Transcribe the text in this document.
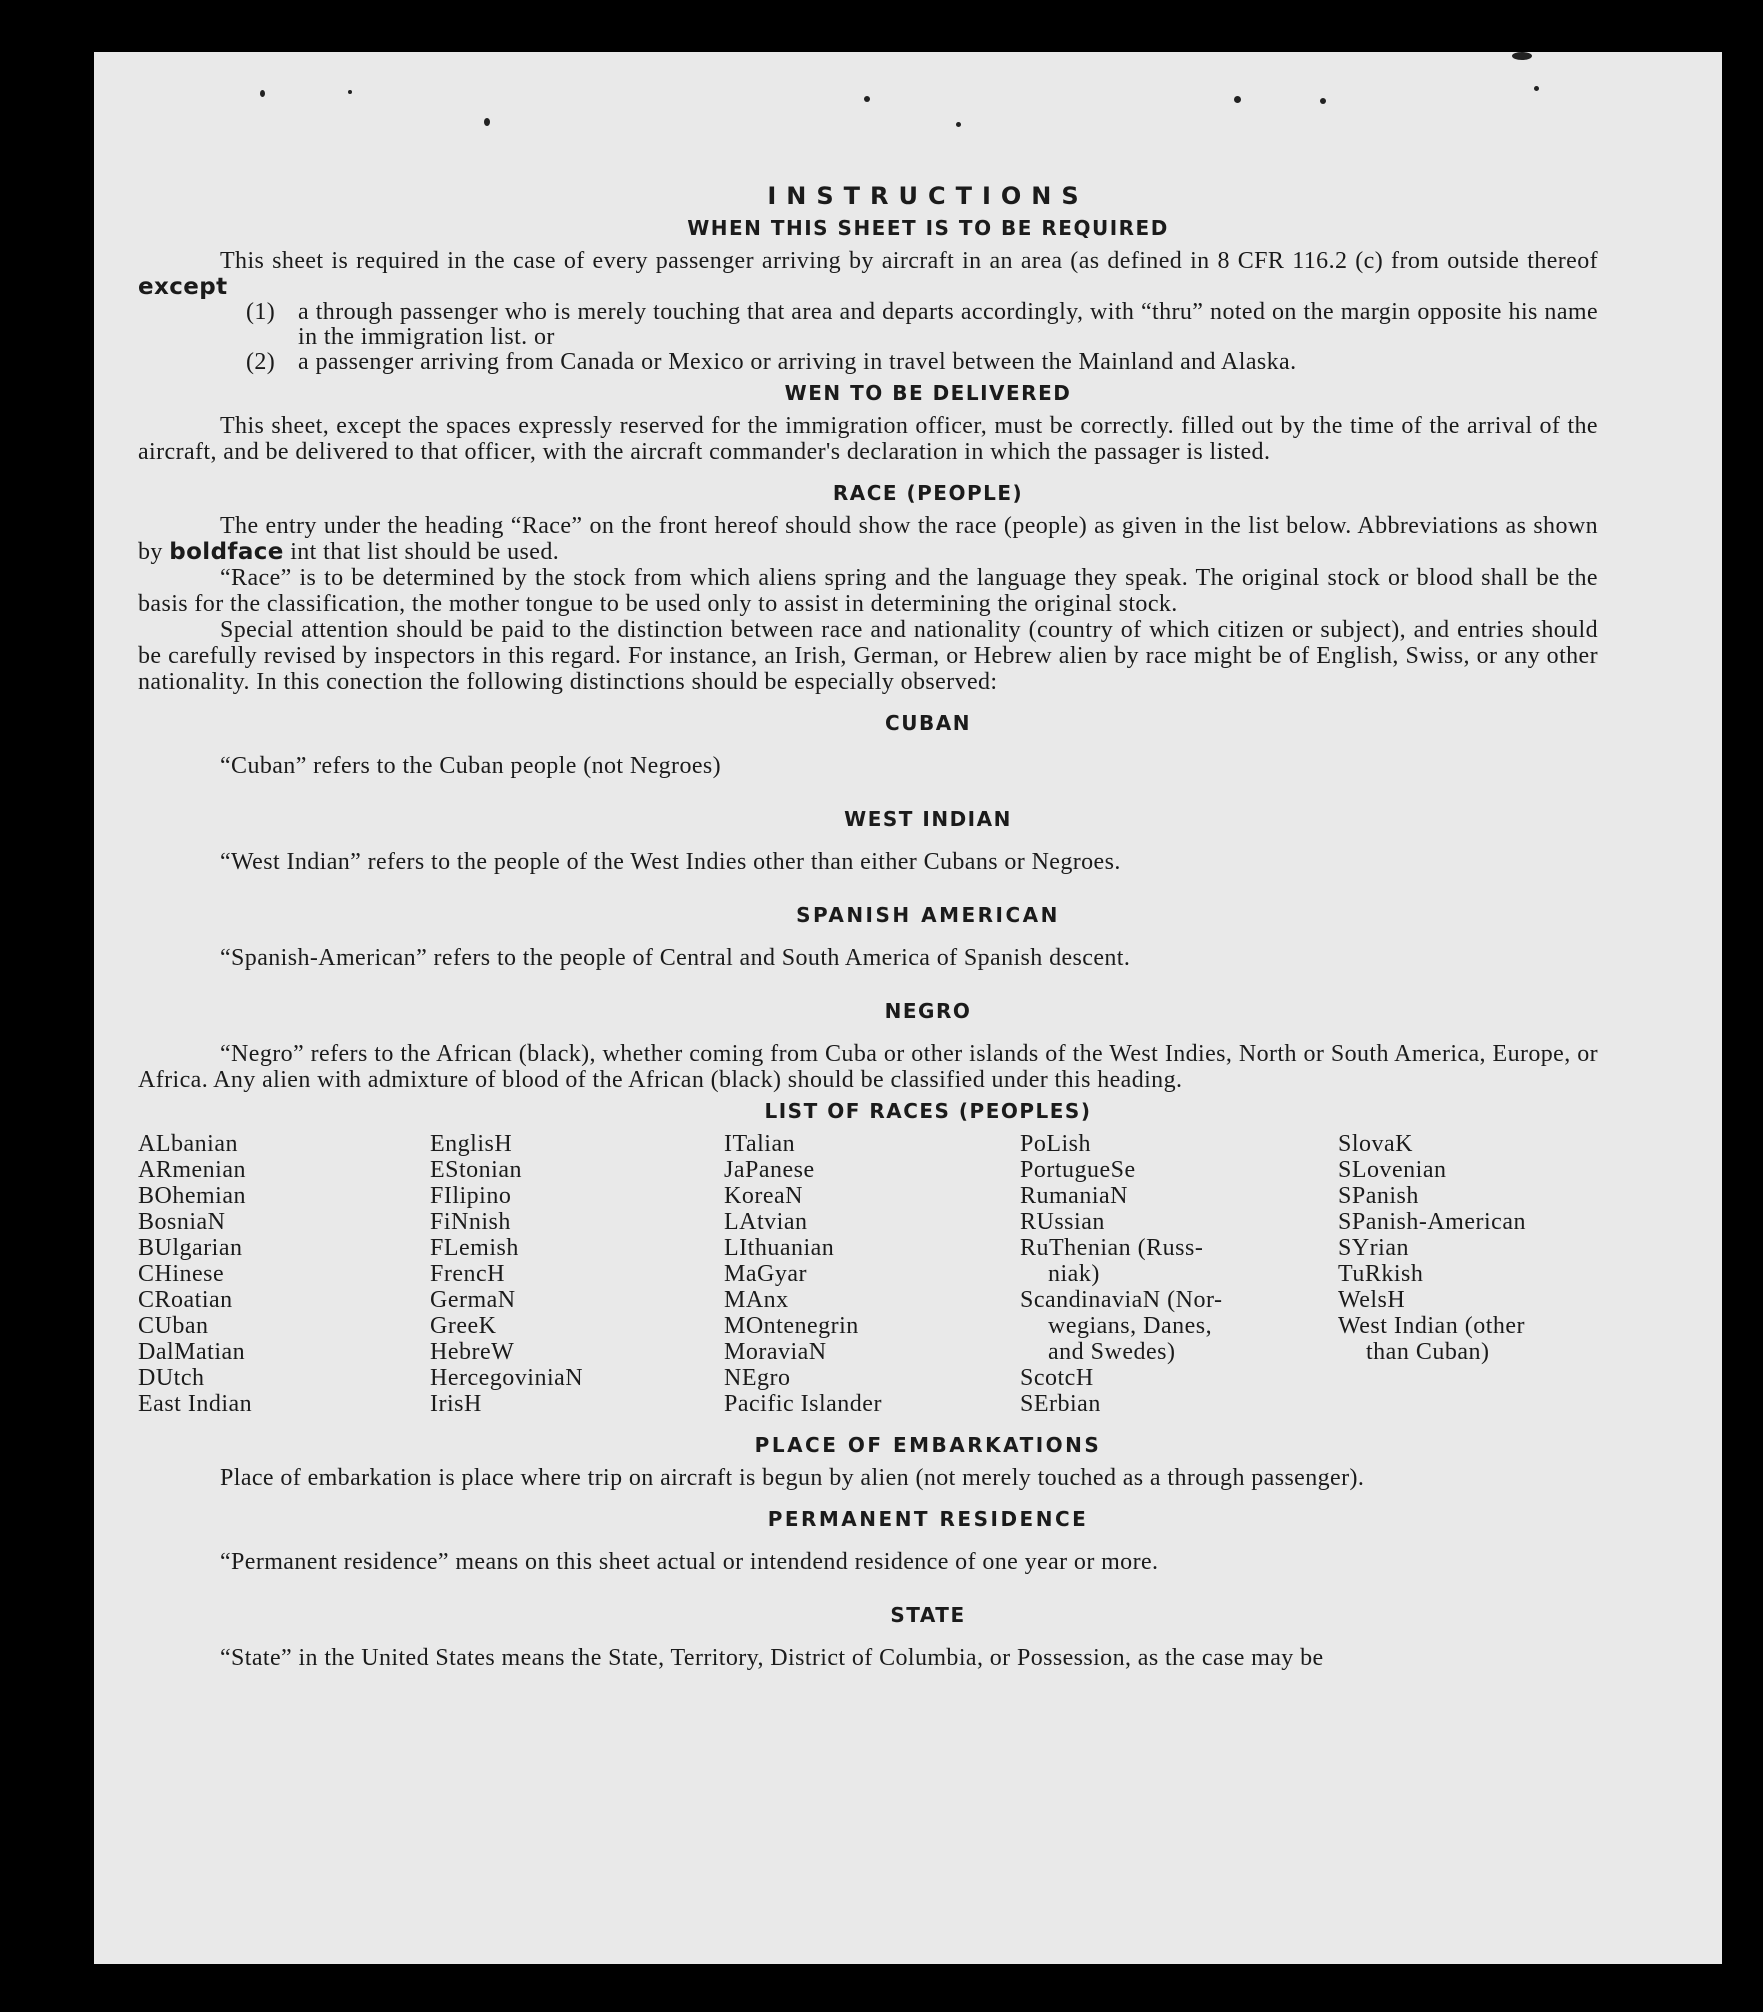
INSTRUCTIONS
WHEN THIS SHEET IS TO BE REQUIRED

This sheet is required in the case of every passenger arriving by aircraft in an area (as defined in 8 CFR 116.2 (c) from outside thereof except

(1) a through passenger who is merely touching that area and departs accordingly, with “thru” noted on the margin opposite his name in the immigration list. or
(2) a passenger arriving from Canada or Mexico or arriving in travel between the Mainland and Alaska.
WEN TO BE DELIVERED

This sheet, except the spaces expressly reserved for the immigration officer, must be correctly. filled out by the time of the arrival of the aircraft, and be delivered to that officer, with the aircraft commander's declaration in which the passager is listed.

RACE (PEOPLE)

The entry under the heading “Race” on the front hereof should show the race (people) as given in the list below. Abbreviations as shown by boldface int that list should be used.

“Race” is to be determined by the stock from which aliens spring and the language they speak. The original stock or blood shall be the basis for the classification, the mother tongue to be used only to assist in determining the original stock.

Special attention should be paid to the distinction between race and nationality (country of which citizen or subject), and entries should be carefully revised by inspectors in this regard. For instance, an Irish, German, or Hebrew alien by race might be of English, Swiss, or any other nationality. In this conection the following distinctions should be especially observed:

CUBAN

“Cuban” refers to the Cuban people (not Negroes)

WEST INDIAN

“West Indian” refers to the people of the West Indies other than either Cubans or Negroes.

SPANISH AMERICAN

“Spanish-American” refers to the people of Central and South America of Spanish descent.

NEGRO

“Negro” refers to the African (black), whether coming from Cuba or other islands of the West Indies, North or South America, Europe, or Africa. Any alien with admixture of blood of the African (black) should be classified under this heading.

LIST OF RACES (PEOPLES)
ALbanian
ARmenian
BOhemian
BosniaN
BUlgarian
CHinese
CRoatian
CUban
DalMatian
DUtch
East Indian
EnglisH
EStonian
FIlipino
FiNnish
FLemish
FrencH
GermaN
GreeK
HebreW
HercegoviniaN
IrisH
ITalian
JaPanese
KoreaN
LAtvian
LIthuanian
MaGyar
MAnx
MOntenegrin
MoraviaN
NEgro
Pacific Islander
PoLish
PortugueSe
RumaniaN
RUssian
RuThenian (Russ-
niak)
ScandinaviaN (Nor-
wegians, Danes,
and Swedes)
ScotcH
SErbian
SlovaK
SLovenian
SPanish
SPanish-American
SYrian
TuRkish
WelsH
West Indian (other
than Cuban)
PLACE OF EMBARKATIONS

Place of embarkation is place where trip on aircraft is begun by alien (not merely touched as a through passenger).

PERMANENT RESIDENCE

“Permanent residence” means on this sheet actual or intendend residence of one year or more.

STATE

“State” in the United States means the State, Territory, District of Columbia, or Possession, as the case may be
